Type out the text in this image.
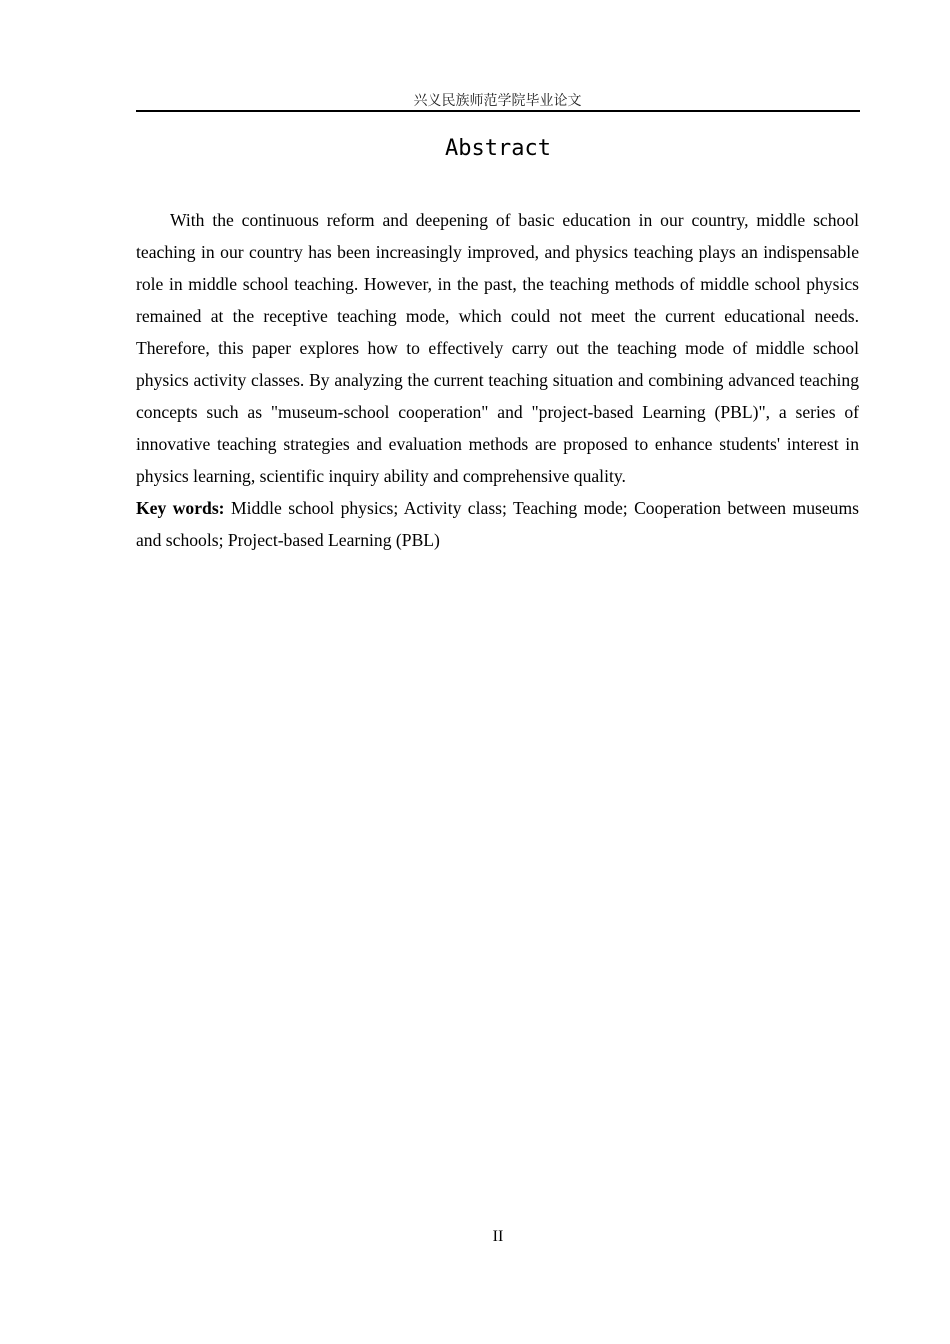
兴义民族师范学院毕业论文
Abstract

With the continuous reform and deepening of basic education in our country, middle school teaching in our country has been increasingly improved, and physics teaching plays an indispensable role in middle school teaching. However, in the past, the teaching methods of middle school physics remained at the receptive teaching mode, which could not meet the current educational needs. Therefore, this paper explores how to effectively carry out the teaching mode of middle school physics activity classes. By analyzing the current teaching situation and combining advanced teaching concepts such as "museum-school cooperation" and "project-based Learning (PBL)", a series of innovative teaching strategies and evaluation methods are proposed to enhance students' interest in physics learning, scientific inquiry ability and comprehensive quality.

Key words: Middle school physics; Activity class; Teaching mode; Cooperation between museums and schools; Project-based Learning (PBL)

II
